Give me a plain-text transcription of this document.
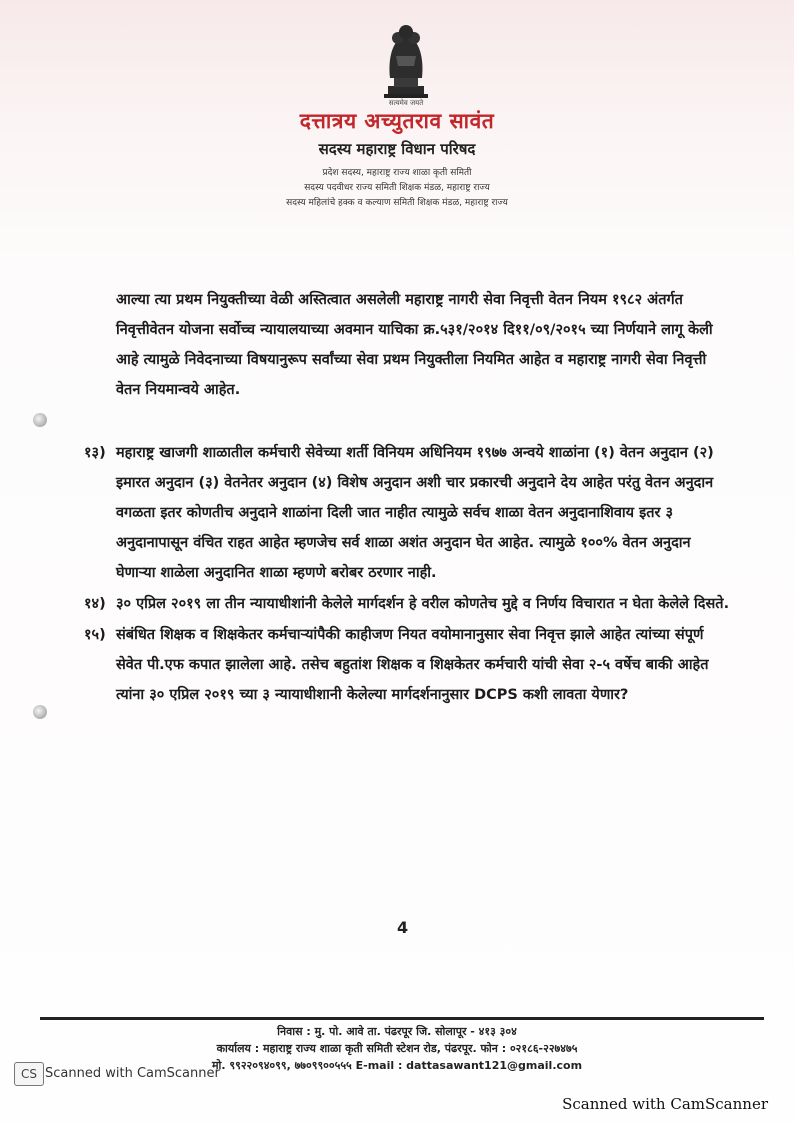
सत्यमेव जयते
दत्तात्रय अच्युतराव सावंत
सदस्य महाराष्ट्र विधान परिषद
प्रदेश सदस्य, महाराष्ट्र राज्य शाळा कृती समिती
सदस्य पदवीधर राज्य समिती शिक्षक मंडळ, महाराष्ट्र राज्य
सदस्य महिलांचे हक्क व कल्याण समिती शिक्षक मंडळ, महाराष्ट्र राज्य

आल्या त्या प्रथम नियुक्तीच्या वेळी अस्तित्वात असलेली महाराष्ट्र नागरी सेवा निवृत्ती वेतन नियम १९८२ अंतर्गत निवृत्तीवेतन योजना सर्वोच्च न्यायालयाच्या अवमान याचिका क्र.५३१/२०१४ दि११/०९/२०१५ च्या निर्णयाने लागू केली आहे त्यामुळे निवेदनाच्या विषयानुरूप सर्वांच्या सेवा प्रथम नियुक्तीला नियमित आहेत व महाराष्ट्र नागरी सेवा निवृत्ती वेतन नियमान्वये आहेत.

१३) महाराष्ट्र खाजगी शाळातील कर्मचारी सेवेच्या शर्ती विनियम अधिनियम १९७७ अन्वये शाळांना (१) वेतन अनुदान (२) इमारत अनुदान (३) वेतनेतर अनुदान (४) विशेष अनुदान अशी चार प्रकारची अनुदाने देय आहेत परंतु वेतन अनुदान वगळता इतर कोणतीच अनुदाने शाळांना दिली जात नाहीत त्यामुळे सर्वच शाळा वेतन अनुदानाशिवाय इतर ३ अनुदानापासून वंचित राहत आहेत म्हणजेच सर्व शाळा अशंत अनुदान घेत आहेत. त्यामुळे १००% वेतन अनुदान घेणाऱ्या शाळेला अनुदानित शाळा म्हणणे बरोबर ठरणार नाही.
१४) ३० एप्रिल २०१९ ला तीन न्यायाधीशांनी केलेले मार्गदर्शन हे वरील कोणतेच मुद्दे व निर्णय विचारात न घेता केलेले दिसते.
१५) संबंधित शिक्षक व शिक्षकेतर कर्मचाऱ्यांपैकी काहीजण नियत वयोमानानुसार सेवा निवृत्त झाले आहेत त्यांच्या संपूर्ण सेवेत पी.एफ कपात झालेला आहे. तसेच बहुतांश शिक्षक व शिक्षकेतर कर्मचारी यांची सेवा २-५ वर्षेच बाकी आहेत त्यांना ३० एप्रिल २०१९ च्या ३ न्यायाधीशानी केलेल्या मार्गदर्शनानुसार DCPS कशी लावता येणार?
4
निवास : मु. पो. आवे ता. पंढरपूर जि. सोलापूर - ४१३ ३०४
कार्यालय : महाराष्ट्र राज्य शाळा कृती समिती स्टेशन रोड, पंढरपूर. फोन : ०२१८६-२२७४७५
मो. ९९२२०९४०९९, ७७०९९००५५५ E-mail : dattasawant121@gmail.com
CS Scanned with CamScanner
Scanned with CamScanner
